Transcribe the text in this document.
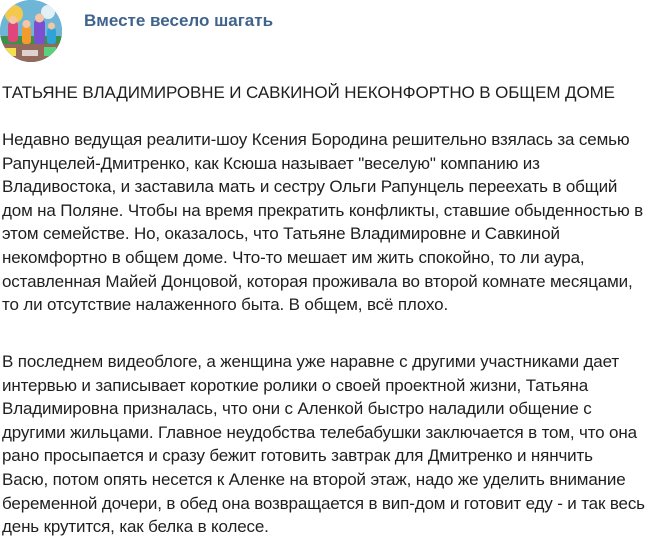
Вместе весело шагать
ТАТЬЯНЕ ВЛАДИМИРОВНЕ И САВКИНОЙ НЕКОНФОРТНО В ОБЩЕМ ДОМЕ
Недавно ведущая реалити-шоу Ксения Бородина решительно взялась за семью
Рапунцелей-Дмитренко, как Ксюша называет "веселую" компанию из
Владивостока, и заставила мать и сестру Ольги Рапунцель переехать в общий
дом на Поляне. Чтобы на время прекратить конфликты, ставшие обыденностью в
этом семействе. Но, оказалось, что Татьяне Владимировне и Савкиной
некомфортно в общем доме. Что-то мешает им жить спокойно, то ли аура,
оставленная Майей Донцовой, которая проживала во второй комнате месяцами,
то ли отсутствие налаженного быта. В общем, всё плохо.
В последнем видеоблоге, а женщина уже наравне с другими участниками дает
интервью и записывает короткие ролики о своей проектной жизни, Татьяна
Владимировна призналась, что они с Аленкой быстро наладили общение с
другими жильцами. Главное неудобства телебабушки заключается в том, что она
рано просыпается и сразу бежит готовить завтрак для Дмитренко и нянчить
Васю, потом опять несется к Аленке на второй этаж, надо же уделить внимание
беременной дочери, в обед она возвращается в вип-дом и готовит еду - и так весь
день крутится, как белка в колесе.
